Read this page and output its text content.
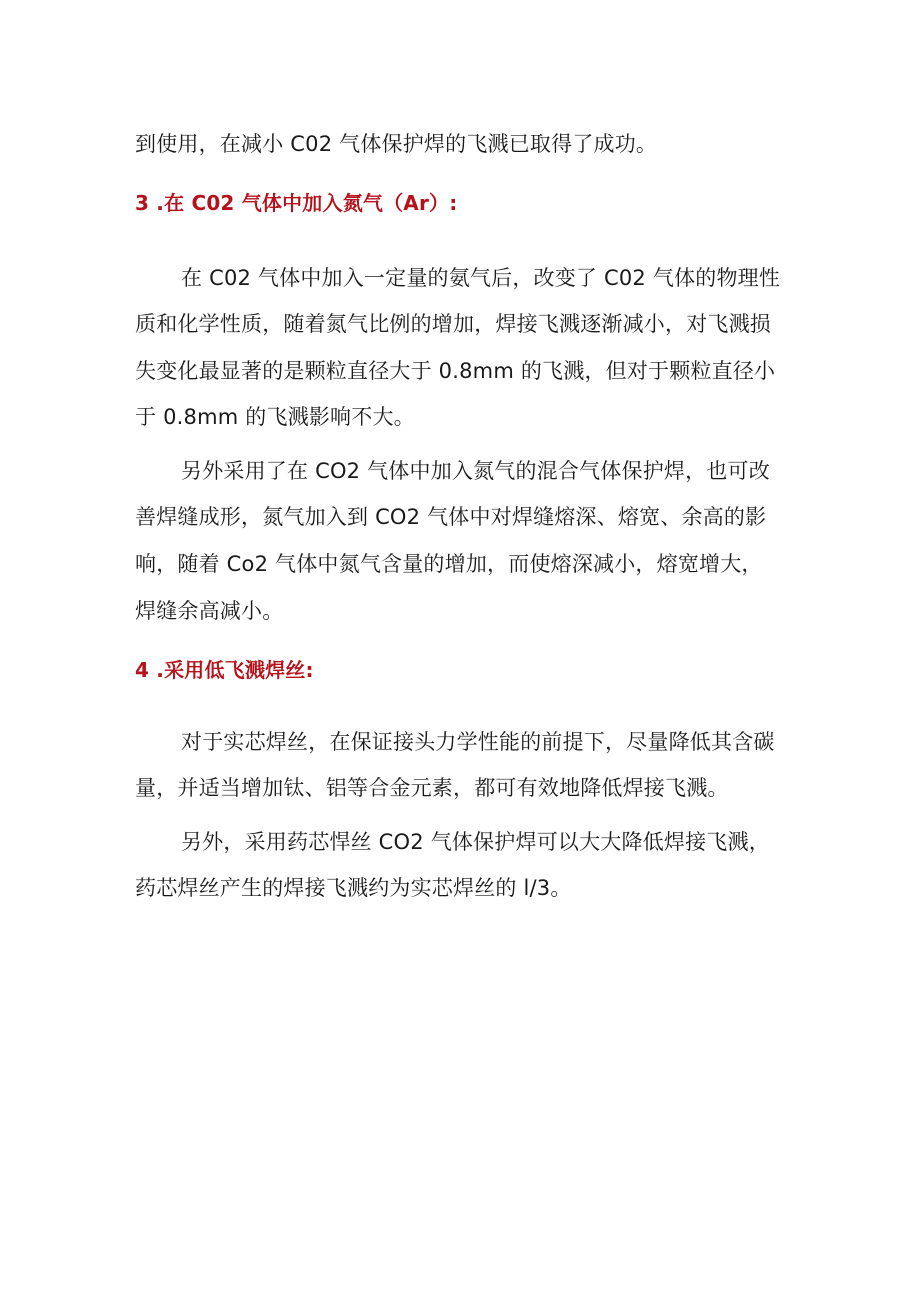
到使用，在减小 C02 气体保护焊的飞溅已取得了成功。
3 .在 C02 气体中加入氮气（Ar）:
在 C02 气体中加入一定量的氨气后，改变了 C02 气体的物理性
质和化学性质，随着氮气比例的增加，焊接飞溅逐渐减小，对飞溅损
失变化最显著的是颗粒直径大于 0.8mm 的飞溅，但对于颗粒直径小
于 0.8mm 的飞溅影响不大。
另外采用了在 CO2 气体中加入氮气的混合气体保护焊，也可改
善焊缝成形，氮气加入到 CO2 气体中对焊缝熔深、熔宽、余高的影
响，随着 Co2 气体中氮气含量的增加，而使熔深减小，熔宽增大，
焊缝余高减小。
4 .采用低飞溅焊丝:
对于实芯焊丝，在保证接头力学性能的前提下，尽量降低其含碳
量，并适当增加钛、铝等合金元素，都可有效地降低焊接飞溅。
另外，采用药芯悍丝 CO2 气体保护焊可以大大降低焊接飞溅，
药芯焊丝产生的焊接飞溅约为实芯焊丝的 l/3。
